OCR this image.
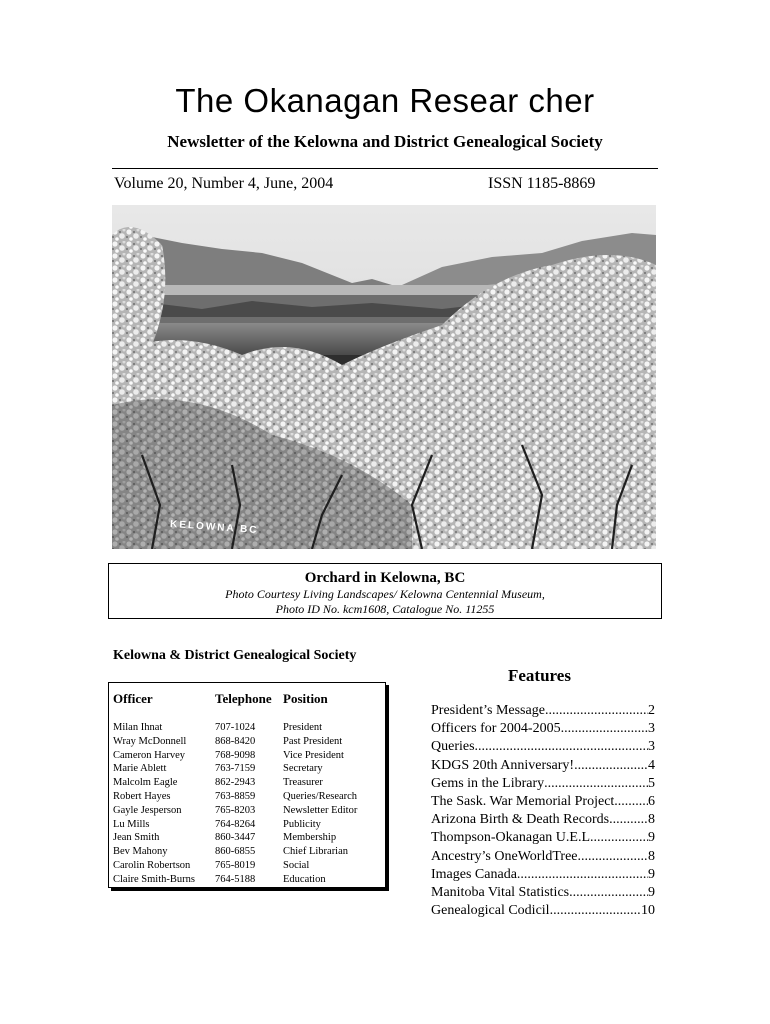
The Okanagan Resear cher
Newsletter of the Kelowna and District Genealogical Society
Volume 20, Number 4, June, 2004	ISSN 1185-8869
KELOWNA BC
Orchard in Kelowna, BC
Photo Courtesy Living Landscapes/ Kelowna Centennial Museum,
Photo ID No. kcm1608, Catalogue No. 11255
Kelowna & District Genealogical Society
Officer	Telephone	Position
Milan Ihnat	707-1024	President
Wray McDonnell	868-8420	Past President
Cameron Harvey	768-9098	Vice President
Marie Ablett	763-7159	Secretary
Malcolm Eagle	862-2943	Treasurer
Robert Hayes	763-8859	Queries/Research
Gayle Jesperson	765-8203	Newsletter Editor
Lu Mills	764-8264	Publicity
Jean Smith	860-3447	Membership
Bev Mahony	860-6855	Chief Librarian
Carolin Robertson	765-8019	Social
Claire Smith-Burns	764-5188	Education
Features
President’s Message .....	2
Officers for 2004-2005 .....	3
Queries .....	3
KDGS 20th Anniversary! .....	4
Gems in the Library .....	5
The Sask. War Memorial Project ..... 6
Arizona Birth & Death Records .....	8
Thompson-Okanagan U.E.L .....	9
Ancestry’s OneWorldTree .....	8
Images Canada .....	9
Manitoba Vital Statistics .....	9
Genealogical Codicil .....	10
